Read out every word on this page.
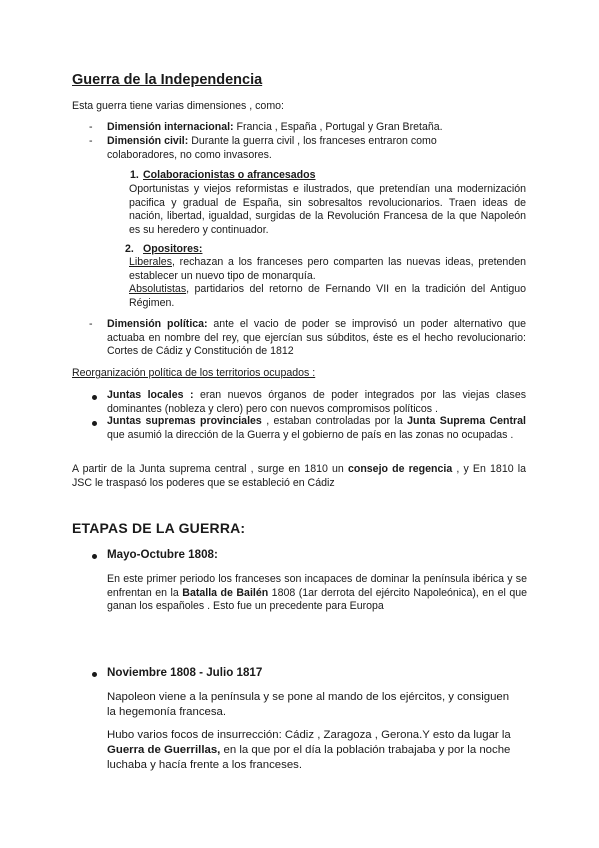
Guerra de la Independencia
Esta guerra tiene varias dimensiones , como:
- Dimensión internacional: Francia , España , Portugal y Gran Bretaña.
- Dimensión civil: Durante la guerra civil , los franceses entraron como colaboradores, no como invasores.
1. Colaboracionistas o afrancesados
Oportunistas y viejos reformistas e ilustrados, que pretendían una modernización pacifica y gradual de España, sin sobresaltos revolucionarios. Traen ideas de nación, libertad, igualdad, surgidas de la Revolución Francesa de la que Napoleón es su heredero y continuador.
2. Opositores:
Liberales, rechazan a los franceses pero comparten las nuevas ideas, pretenden establecer un nuevo tipo de monarquía.
Absolutistas, partidarios del retorno de Fernando VII en la tradición del Antiguo Régimen.
- Dimensión política: ante el vacio de poder se improvisó un poder alternativo que actuaba en nombre del rey, que ejercían sus súbditos, éste es el hecho revolucionario: Cortes de Cádiz y Constitución de 1812
Reorganización política de los territorios ocupados :
Juntas locales : eran nuevos órganos de poder integrados por las viejas clases dominantes (nobleza y clero) pero con nuevos compromisos políticos .
Juntas supremas provinciales , estaban controladas por la Junta Suprema Central que asumió la dirección de la Guerra y el gobierno de país en las zonas no ocupadas .
A partir de la Junta suprema central , surge en 1810 un consejo de regencia , y En 1810 la JSC le traspasó los poderes que se estableció en Cádiz
ETAPAS DE LA GUERRA:
Mayo-Octubre 1808:
En este primer periodo los franceses son incapaces de dominar la península ibérica y se enfrentan en la Batalla de Bailén 1808 (1ar derrota del ejército Napoleónica), en el que ganan los españoles . Esto fue un precedente para Europa
Noviembre 1808 - Julio 1817
Napoleon viene a la península y se pone al mando de los ejércitos, y consiguen la hegemonía francesa.
Hubo varios focos de insurrección: Cádiz , Zaragoza , Gerona.Y esto da lugar la Guerra de Guerrillas, en la que por el día la población trabajaba y por la noche luchaba y hacía frente a los franceses.
